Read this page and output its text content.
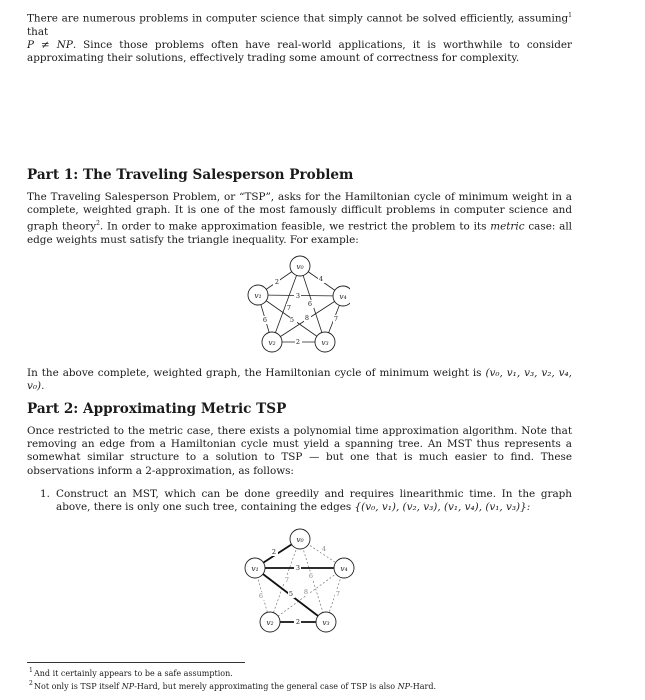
There are numerous problems in computer science that simply cannot be solved efficiently, assuming$^1$ that
P ≠ NP. Since those problems often have real-world applications, it is worthwhile to consider approximating their solutions, effectively trading some amount of correctness for complexity.

Part 1: The Traveling Salesperson Problem

The Traveling Salesperson Problem, or “TSP”, asks for the Hamiltonian cycle of minimum weight in a complete, weighted graph. It is one of the most famously difficult problems in computer science and graph theory$^2$. In order to make approximation feasible, we restrict the problem to its metric case: all edge weights must satisfy the triangle inequality. For example:

v₀
v₁	v₄
v₂	v₃
2	4
3
6
7
6	5 8	7
2

In the above complete, weighted graph, the Hamiltonian cycle of minimum weight is (v₀, v₁, v₃, v₂, v₄, v₀).

Part 2: Approximating Metric TSP

Once restricted to the metric case, there exists a polynomial time approximation algorithm. Note that removing an edge from a Hamiltonian cycle must yield a spanning tree. An MST thus represents a somewhat similar structure to a solution to TSP — but one that is much easier to find. These observations inform a 2-approximation, as follows:

1. Construct an MST, which can be done greedily and requires linearithmic time. In the graph above, there is only one such tree, containing the edges {(v₀, v₁), (v₂, v₃), (v₁, v₄), (v₁, v₃)}:
v₀
v₁	v₄
v₂	v₃
2	4
3
6
7
6	5 8	7
2
1 And it certainly appears to be a safe assumption.

2 Not only is TSP itself NP-Hard, but merely approximating the general case of TSP is also NP-Hard.
